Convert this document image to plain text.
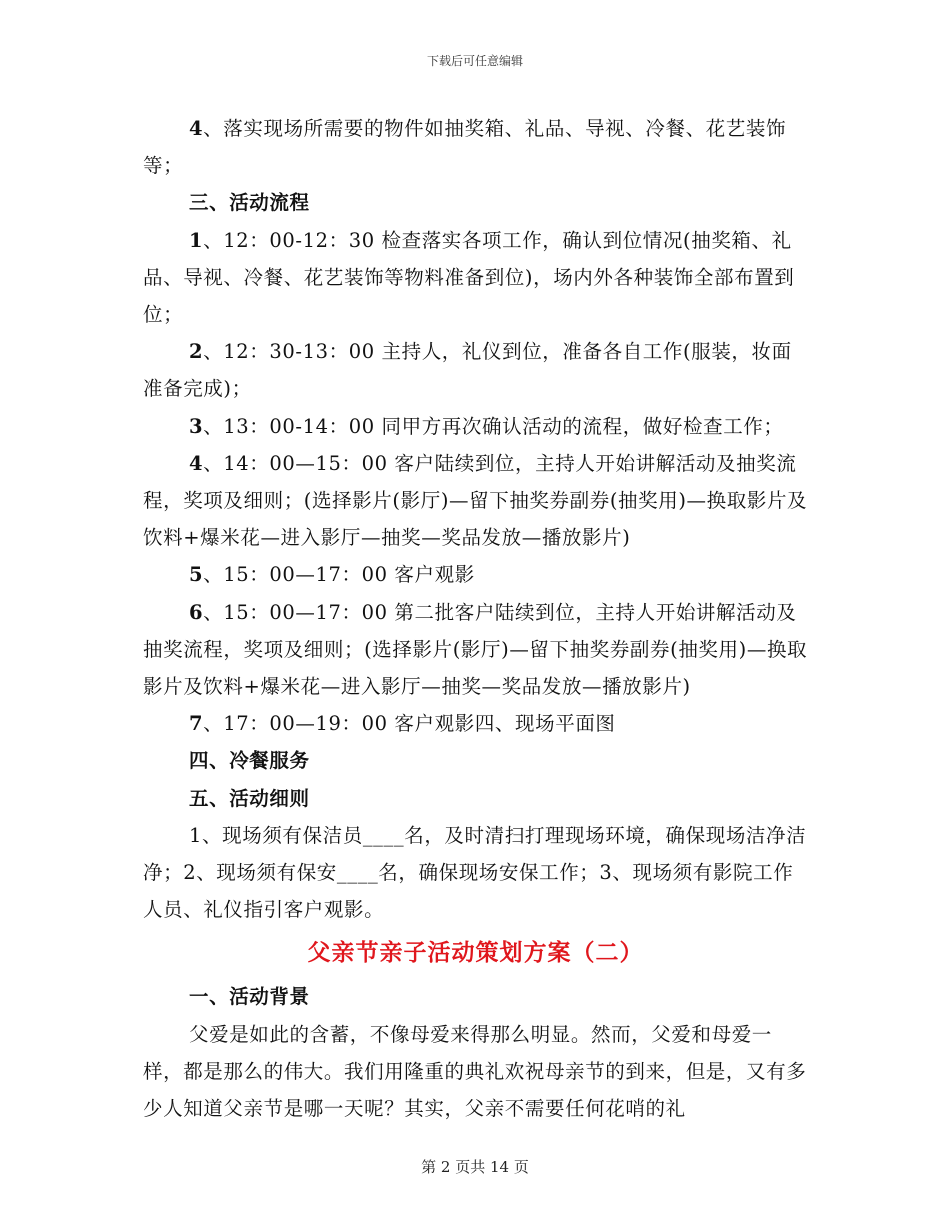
下载后可任意编辑

4、落实现场所需要的物件如抽奖箱、礼品、导视、冷餐、花艺装饰等；

三、活动流程

1、12：00-12：30 检查落实各项工作，确认到位情况(抽奖箱、礼品、导视、冷餐、花艺装饰等物料准备到位)，场内外各种装饰全部布置到位；

2、12：30-13：00 主持人，礼仪到位，准备各自工作(服装，妆面准备完成)；

3、13：00-14：00 同甲方再次确认活动的流程，做好检查工作；

4、14：00—15：00 客户陆续到位，主持人开始讲解活动及抽奖流程，奖项及细则；(选择影片(影厅)—留下抽奖券副券(抽奖用)—换取影片及饮料+爆米花—进入影厅—抽奖—奖品发放—播放影片)

5、15：00—17：00 客户观影

6、15：00—17：00 第二批客户陆续到位，主持人开始讲解活动及抽奖流程，奖项及细则；(选择影片(影厅)—留下抽奖券副券(抽奖用)—换取影片及饮料+爆米花—进入影厅—抽奖—奖品发放—播放影片)

7、17：00—19：00 客户观影四、现场平面图

四、冷餐服务

五、活动细则

1、现场须有保洁员____名，及时清扫打理现场环境，确保现场洁净洁净；2、现场须有保安____名，确保现场安保工作；3、现场须有影院工作人员、礼仪指引客户观影。

父亲节亲子活动策划方案（二）

一、活动背景

父爱是如此的含蓄，不像母爱来得那么明显。然而，父爱和母爱一样，都是那么的伟大。我们用隆重的典礼欢祝母亲节的到来，但是，又有多少人知道父亲节是哪一天呢？其实，父亲不需要任何花哨的礼

第 2 页共 14 页
